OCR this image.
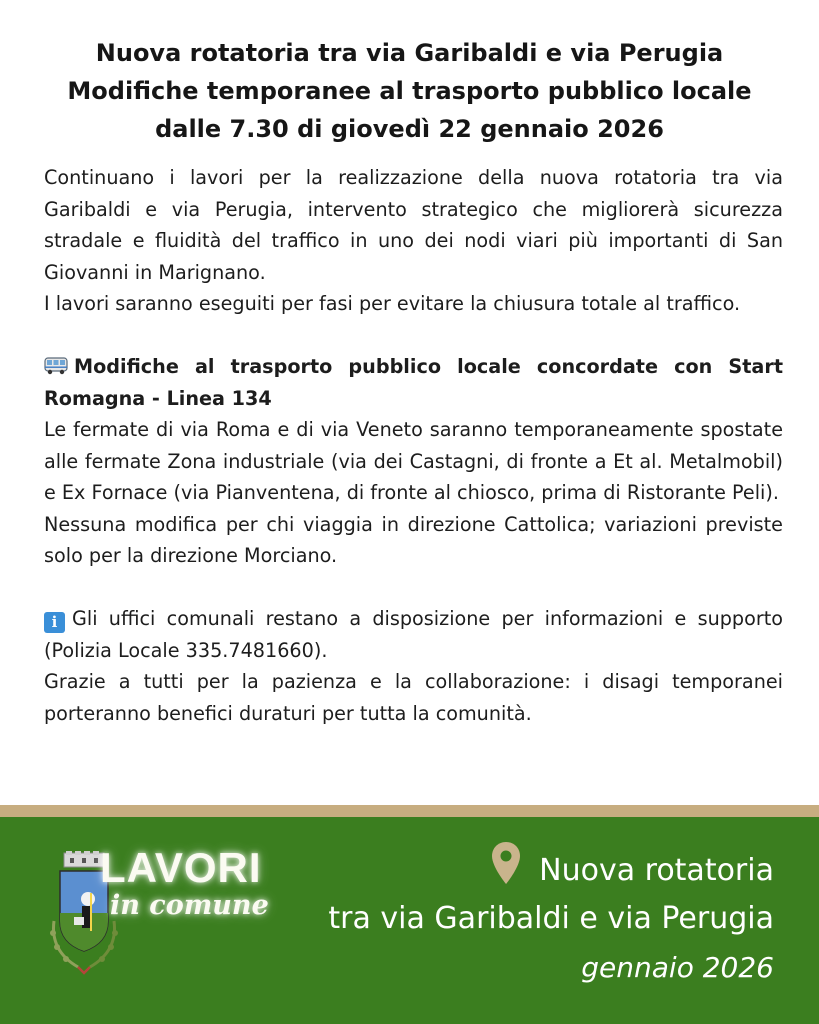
Nuova rotatoria tra via Garibaldi e via Perugia
Modifiche temporanee al trasporto pubblico locale
dalle 7.30 di giovedì 22 gennaio 2026

Continuano i lavori per la realizzazione della nuova rotatoria tra via Garibaldi e via Perugia, intervento strategico che migliorerà sicurezza stradale e fluidità del traffico in uno dei nodi viari più importanti di San Giovanni in Marignano.

I lavori saranno eseguiti per fasi per evitare la chiusura totale al traffico.

Modifiche al trasporto pubblico locale concordate con Start Romagna - Linea 134

Le fermate di via Roma e di via Veneto saranno temporaneamente spostate alle fermate Zona industriale (via dei Castagni, di fronte a Et al. Metalmobil) e Ex Fornace (via Pianventena, di fronte al chiosco, prima di Ristorante Peli).

Nessuna modifica per chi viaggia in direzione Cattolica; variazioni previste solo per la direzione Morciano.

i Gli uffici comunali restano a disposizione per informazioni e supporto (Polizia Locale 335.7481660).

Grazie a tutti per la pazienza e la collaborazione: i disagi temporanei porteranno benefici duraturi per tutta la comunità.

LAVORI
in comune
Nuova rotatoria
tra via Garibaldi e via Perugia
gennaio 2026
